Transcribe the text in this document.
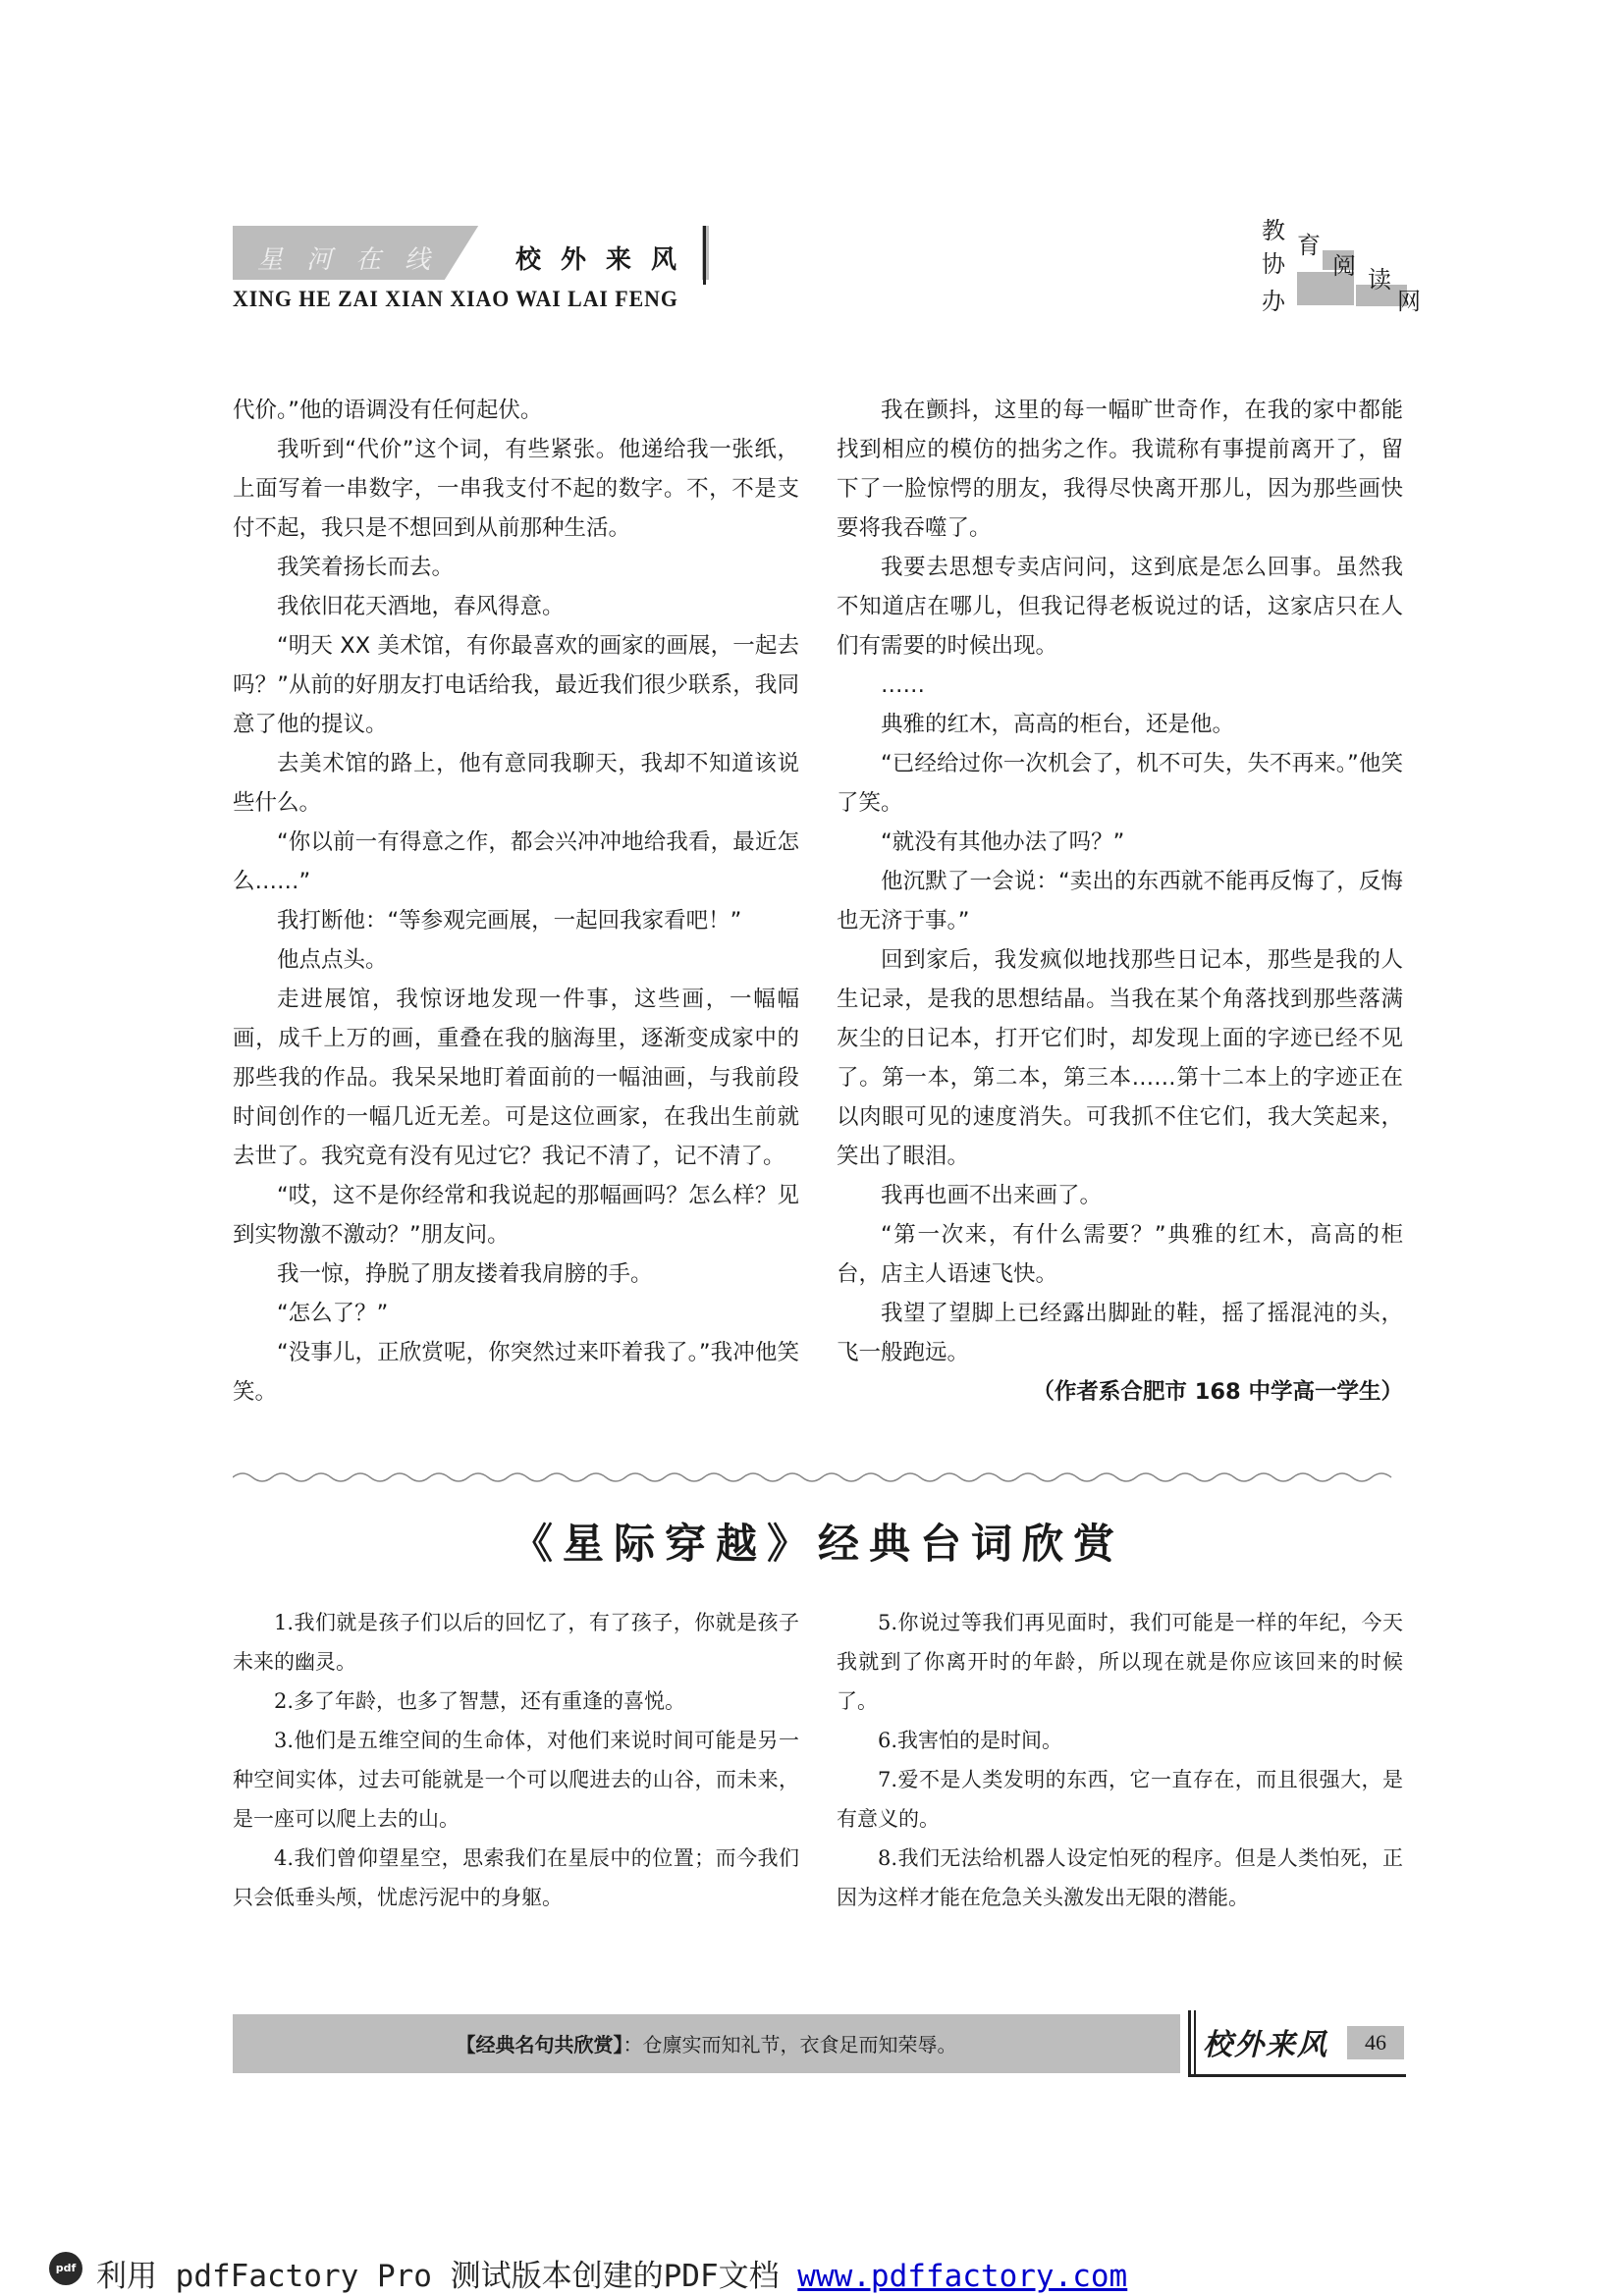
星河在线 校外来风
XING HE ZAI XIAN XIAO WAI LAI FENG
教
育
阅 读
协
办	网

代价。”他的语调没有任何起伏。

我听到“代价”这个词，有些紧张。他递给我一张纸，上面写着一串数字，一串我支付不起的数字。不，不是支付不起，我只是不想回到从前那种生活。

我笑着扬长而去。

我依旧花天酒地，春风得意。

“明天 XX 美术馆，有你最喜欢的画家的画展，一起去吗？”从前的好朋友打电话给我，最近我们很少联系，我同意了他的提议。

去美术馆的路上，他有意同我聊天，我却不知道该说些什么。

“你以前一有得意之作，都会兴冲冲地给我看，最近怎么……”

我打断他：“等参观完画展，一起回我家看吧！”

他点点头。

走进展馆，我惊讶地发现一件事，这些画，一幅幅画，成千上万的画，重叠在我的脑海里，逐渐变成家中的那些我的作品。我呆呆地盯着面前的一幅油画，与我前段时间创作的一幅几近无差。可是这位画家，在我出生前就去世了。我究竟有没有见过它？我记不清了，记不清了。

“哎，这不是你经常和我说起的那幅画吗？怎么样？见到实物激不激动？”朋友问。

我一惊，挣脱了朋友搂着我肩膀的手。

“怎么了？”

“没事儿，正欣赏呢，你突然过来吓着我了。”我冲他笑笑。

我在颤抖，这里的每一幅旷世奇作，在我的家中都能找到相应的模仿的拙劣之作。我谎称有事提前离开了，留下了一脸惊愕的朋友，我得尽快离开那儿，因为那些画快要将我吞噬了。

我要去思想专卖店问问，这到底是怎么回事。虽然我不知道店在哪儿，但我记得老板说过的话，这家店只在人们有需要的时候出现。

……

典雅的红木，高高的柜台，还是他。

“已经给过你一次机会了，机不可失，失不再来。”他笑了笑。

“就没有其他办法了吗？”

他沉默了一会说：“卖出的东西就不能再反悔了，反悔也无济于事。”

回到家后，我发疯似地找那些日记本，那些是我的人生记录，是我的思想结晶。当我在某个角落找到那些落满灰尘的日记本，打开它们时，却发现上面的字迹已经不见了。第一本，第二本，第三本……第十二本上的字迹正在以肉眼可见的速度消失。可我抓不住它们，我大笑起来，笑出了眼泪。

我再也画不出来画了。

“第一次来，有什么需要？”典雅的红木，高高的柜台，店主人语速飞快。

我望了望脚上已经露出脚趾的鞋，摇了摇混沌的头，飞一般跑远。

（作者系合肥市 168 中学高一学生）

《星际穿越》经典台词欣赏

1.我们就是孩子们以后的回忆了，有了孩子，你就是孩子未来的幽灵。

2.多了年龄，也多了智慧，还有重逢的喜悦。

3.他们是五维空间的生命体，对他们来说时间可能是另一种空间实体，过去可能就是一个可以爬进去的山谷，而未来，是一座可以爬上去的山。

4.我们曾仰望星空，思索我们在星辰中的位置；而今我们只会低垂头颅，忧虑污泥中的身躯。

5.你说过等我们再见面时，我们可能是一样的年纪，今天我就到了你离开时的年龄，所以现在就是你应该回来的时候了。

6.我害怕的是时间。

7.爱不是人类发明的东西，它一直存在，而且很强大，是有意义的。

8.我们无法给机器人设定怕死的程序。但是人类怕死，正因为这样才能在危急关头激发出无限的潜能。

【经典名句共欣赏】：仓廪实而知礼节，衣食足而知荣辱。	校外来风	46
pdf 利用 pdfFactory Pro 测试版本创建的PDF文档 www.pdffactory.com
